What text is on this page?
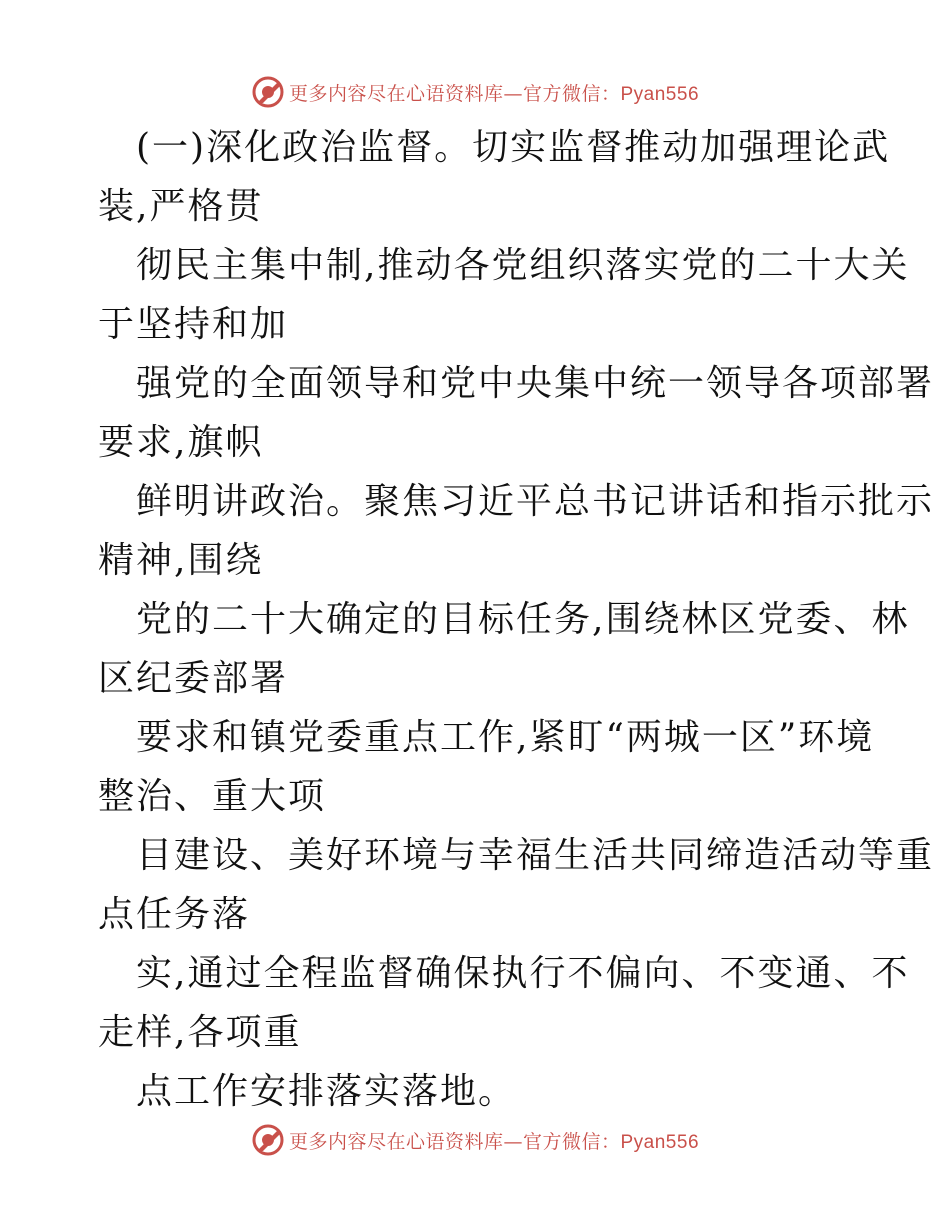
更多内容尽在心语资料库—官方微信：Pyan556
(一)深化政治监督。切实监督推动加强理论武
装,严格贯
彻民主集中制,推动各党组织落实党的二十大关
于坚持和加
强党的全面领导和党中央集中统一领导各项部署
要求,旗帜
鲜明讲政治。聚焦习近平总书记讲话和指示批示
精神,围绕
党的二十大确定的目标任务,围绕林区党委、林
区纪委部署
要求和镇党委重点工作,紧盯“两城一区”环境
整治、重大项
目建设、美好环境与幸福生活共同缔造活动等重
点任务落
实,通过全程监督确保执行不偏向、不变通、不
走样,各项重
点工作安排落实落地。
更多内容尽在心语资料库—官方微信：Pyan556
